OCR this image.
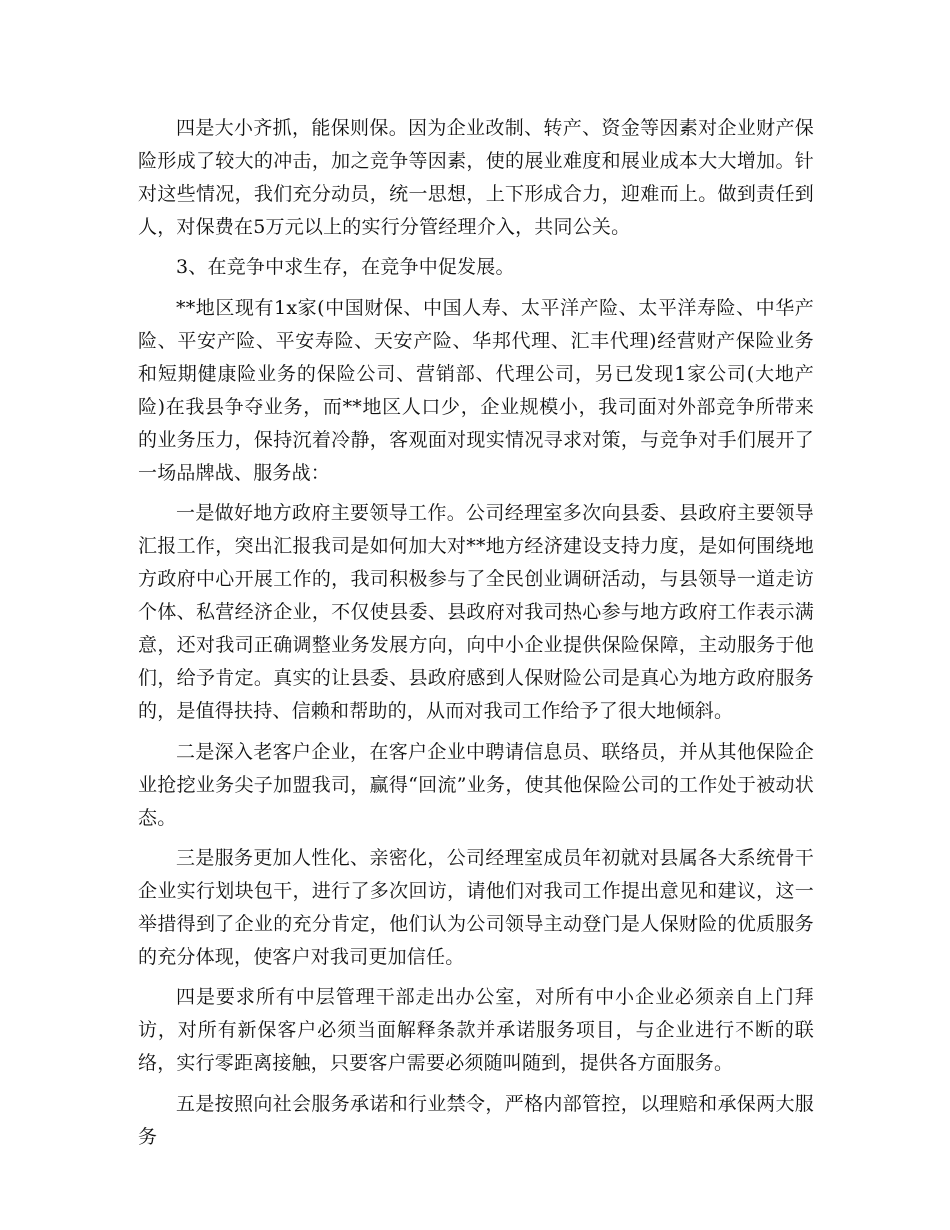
四是大小齐抓，能保则保。因为企业改制、转产、资金等因素对企业财产保险形成了较大的冲击，加之竞争等因素，使的展业难度和展业成本大大增加。针对这些情况，我们充分动员，统一思想，上下形成合力，迎难而上。做到责任到人，对保费在5万元以上的实行分管经理介入，共同公关。

3、在竞争中求生存，在竞争中促发展。

**地区现有1x家(中国财保、中国人寿、太平洋产险、太平洋寿险、中华产险、平安产险、平安寿险、天安产险、华邦代理、汇丰代理)经营财产保险业务和短期健康险业务的保险公司、营销部、代理公司，另已发现1家公司(大地产险)在我县争夺业务，而**地区人口少，企业规模小，我司面对外部竞争所带来的业务压力，保持沉着冷静，客观面对现实情况寻求对策，与竞争对手们展开了一场品牌战、服务战：

一是做好地方政府主要领导工作。公司经理室多次向县委、县政府主要领导汇报工作，突出汇报我司是如何加大对**地方经济建设支持力度，是如何围绕地方政府中心开展工作的，我司积极参与了全民创业调研活动，与县领导一道走访个体、私营经济企业，不仅使县委、县政府对我司热心参与地方政府工作表示满意，还对我司正确调整业务发展方向，向中小企业提供保险保障，主动服务于他们，给予肯定。真实的让县委、县政府感到人保财险公司是真心为地方政府服务的，是值得扶持、信赖和帮助的，从而对我司工作给予了很大地倾斜。

二是深入老客户企业，在客户企业中聘请信息员、联络员，并从其他保险企业抢挖业务尖子加盟我司，赢得“回流”业务，使其他保险公司的工作处于被动状态。

三是服务更加人性化、亲密化，公司经理室成员年初就对县属各大系统骨干企业实行划块包干，进行了多次回访，请他们对我司工作提出意见和建议，这一举措得到了企业的充分肯定，他们认为公司领导主动登门是人保财险的优质服务的充分体现，使客户对我司更加信任。

四是要求所有中层管理干部走出办公室，对所有中小企业必须亲自上门拜访，对所有新保客户必须当面解释条款并承诺服务项目，与企业进行不断的联络，实行零距离接触，只要客户需要必须随叫随到，提供各方面服务。

五是按照向社会服务承诺和行业禁令，严格内部管控，以理赔和承保两大服务
